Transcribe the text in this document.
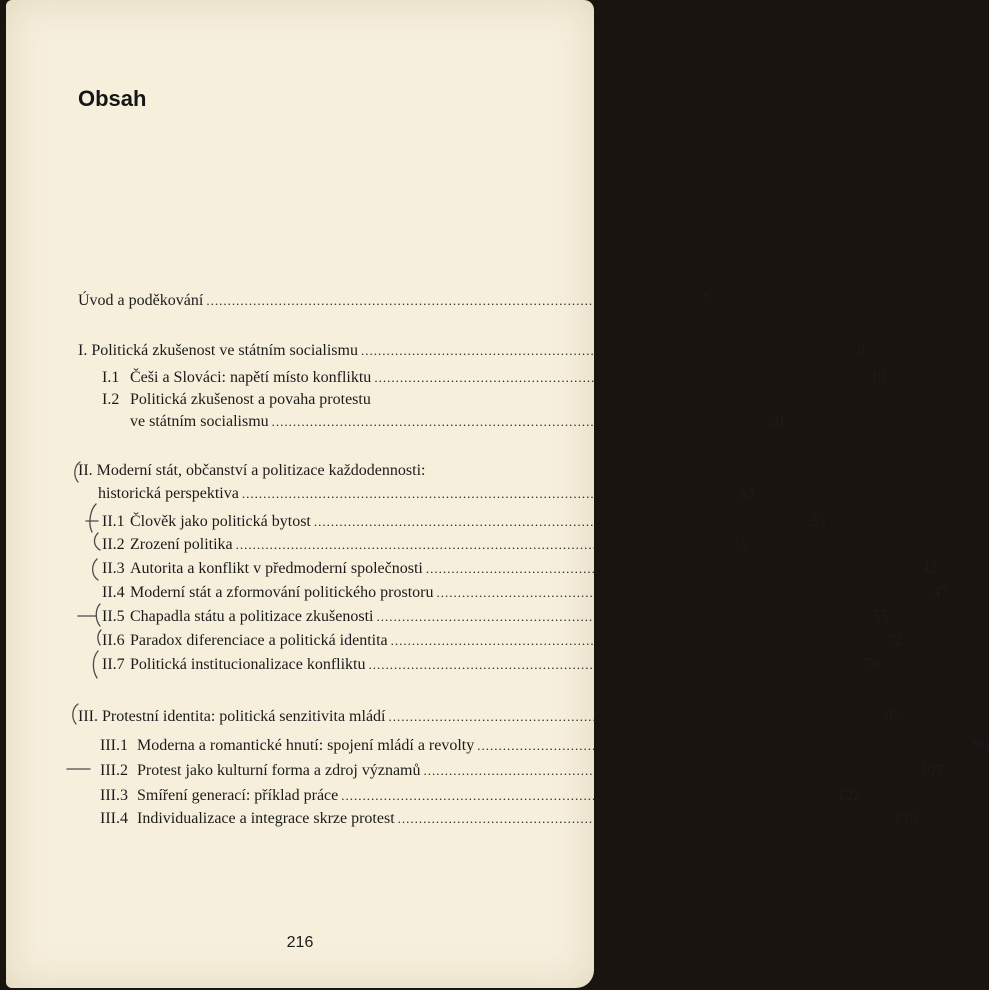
Obsah
Úvod a poděkování .................................................................................................................... 5
I. Politická zkušenost ve státním socialismu .................................................................................................................... 9
I.1 Češi a Slováci: napětí místo konfliktu .................................................................................................................... 13
I.2 Politická zkušenost a povaha protestu
ve státním socialismu .................................................................................................................... 20
II. Moderní stát, občanství a politizace každodennosti:
historická perspektiva .................................................................................................................... 33
II.1 Člověk jako politická bytost .................................................................................................................... 33
II.2 Zrození politika .................................................................................................................... 35
II.3 Autorita a konflikt v předmoderní společnosti .................................................................................................................... 42
II.4 Moderní stát a zformování politického prostoru .................................................................................................................... 47
II.5 Chapadla státu a politizace zkušenosti .................................................................................................................... 55
II.6 Paradox diferenciace a politická identita .................................................................................................................... 72
II.7 Politická institucionalizace konfliktu .................................................................................................................... 76
III. Protestní identita: politická senzitivita mládí .................................................................................................................... 95
III.1 Moderna a romantické hnutí: spojení mládí a revolty .................................................................................................................... 99
III.2 Protest jako kulturní forma a zdroj významů .................................................................................................................... 107
III.3 Smíření generací: příklad práce .................................................................................................................... 122
III.4 Individualizace a integrace skrze protest .................................................................................................................... 136
216
